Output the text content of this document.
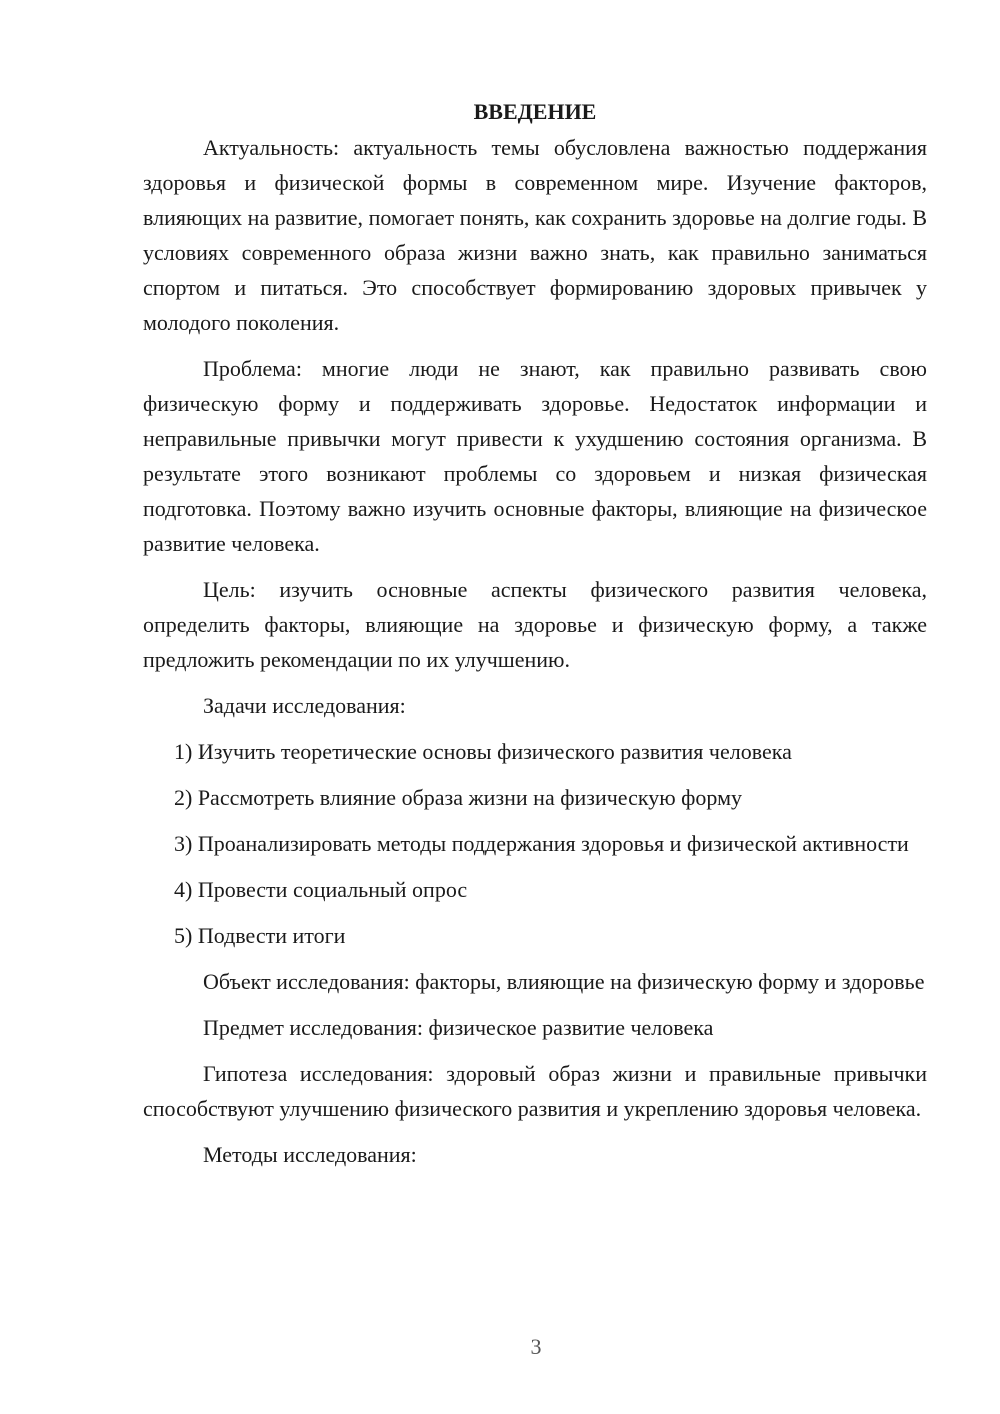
ВВЕДЕНИЕ

Актуальность: актуальность темы обусловлена важностью поддержания здоровья и физической формы в современном мире. Изучение факторов, влияющих на развитие, помогает понять, как сохранить здоровье на долгие годы. В условиях современного образа жизни важно знать, как правильно заниматься спортом и питаться. Это способствует формированию здоровых привычек у молодого поколения.

Проблема: многие люди не знают, как правильно развивать свою физическую форму и поддерживать здоровье. Недостаток информации и неправильные привычки могут привести к ухудшению состояния организма. В результате этого возникают проблемы со здоровьем и низкая физическая подготовка. Поэтому важно изучить основные факторы, влияющие на физическое развитие человека.

Цель: изучить основные аспекты физического развития человека, определить факторы, влияющие на здоровье и физическую форму, а также предложить рекомендации по их улучшению.

Задачи исследования:

1) Изучить теоретические основы физического развития человека

2) Рассмотреть влияние образа жизни на физическую форму

3) Проанализировать методы поддержания здоровья и физической активности

4) Провести социальный опрос

5) Подвести итоги

Объект исследования: факторы, влияющие на физическую форму и здоровье

Предмет исследования: физическое развитие человека

Гипотеза исследования: здоровый образ жизни и правильные привычки способствуют улучшению физического развития и укреплению здоровья человека.

Методы исследования:

3
